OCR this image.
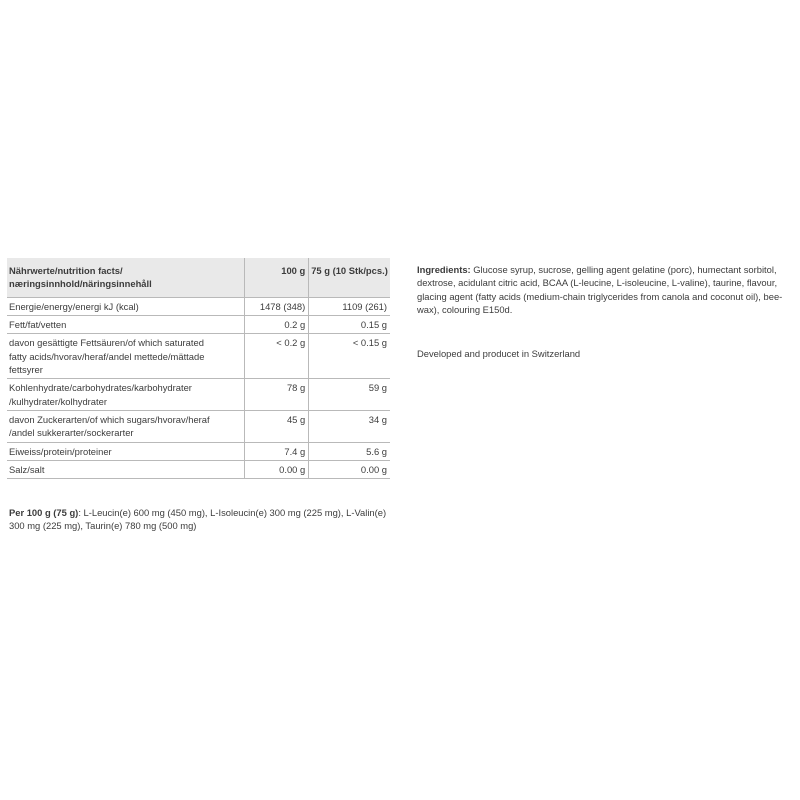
Nährwerte/nutrition facts/
næringsinnhold/näringsinnehåll	100 g	75 g (10 Stk/pcs.)
Energie/energy/energi kJ (kcal)	1478 (348)	1109 (261)
Fett/fat/vetten	0.2 g	0.15 g
davon gesättigte Fettsäuren/of which saturated
fatty acids/hvorav/heraf/andel mettede/mättade
fettsyrer	< 0.2 g	< 0.15 g
Kohlenhydrate/carbohydrates/karbohydrater
/kulhydrater/kolhydrater	78 g	59 g
davon Zuckerarten/of which sugars/hvorav/heraf
/andel sukkerarter/sockerarter	45 g	34 g
Eiweiss/protein/proteiner	7.4 g	5.6 g
Salz/salt	0.00 g	0.00 g
Per 100 g (75 g): L-Leucin(e) 600 mg (450 mg), L-Isoleucin(e) 300 mg (225 mg), L-Valin(e) 300 mg (225 mg), Taurin(e) 780 mg (500 mg)
Ingredients: Glucose syrup, sucrose, gelling agent gelatine (porc), humectant sorbitol, dextrose, acidulant citric acid, BCAA (L-leucine, L-isoleucine, L-valine), taurine, flavour, glacing agent (fatty acids (medium-chain triglycerides from canola and coconut oil), bee-wax), colouring E150d.
Developed and producet in Switzerland
